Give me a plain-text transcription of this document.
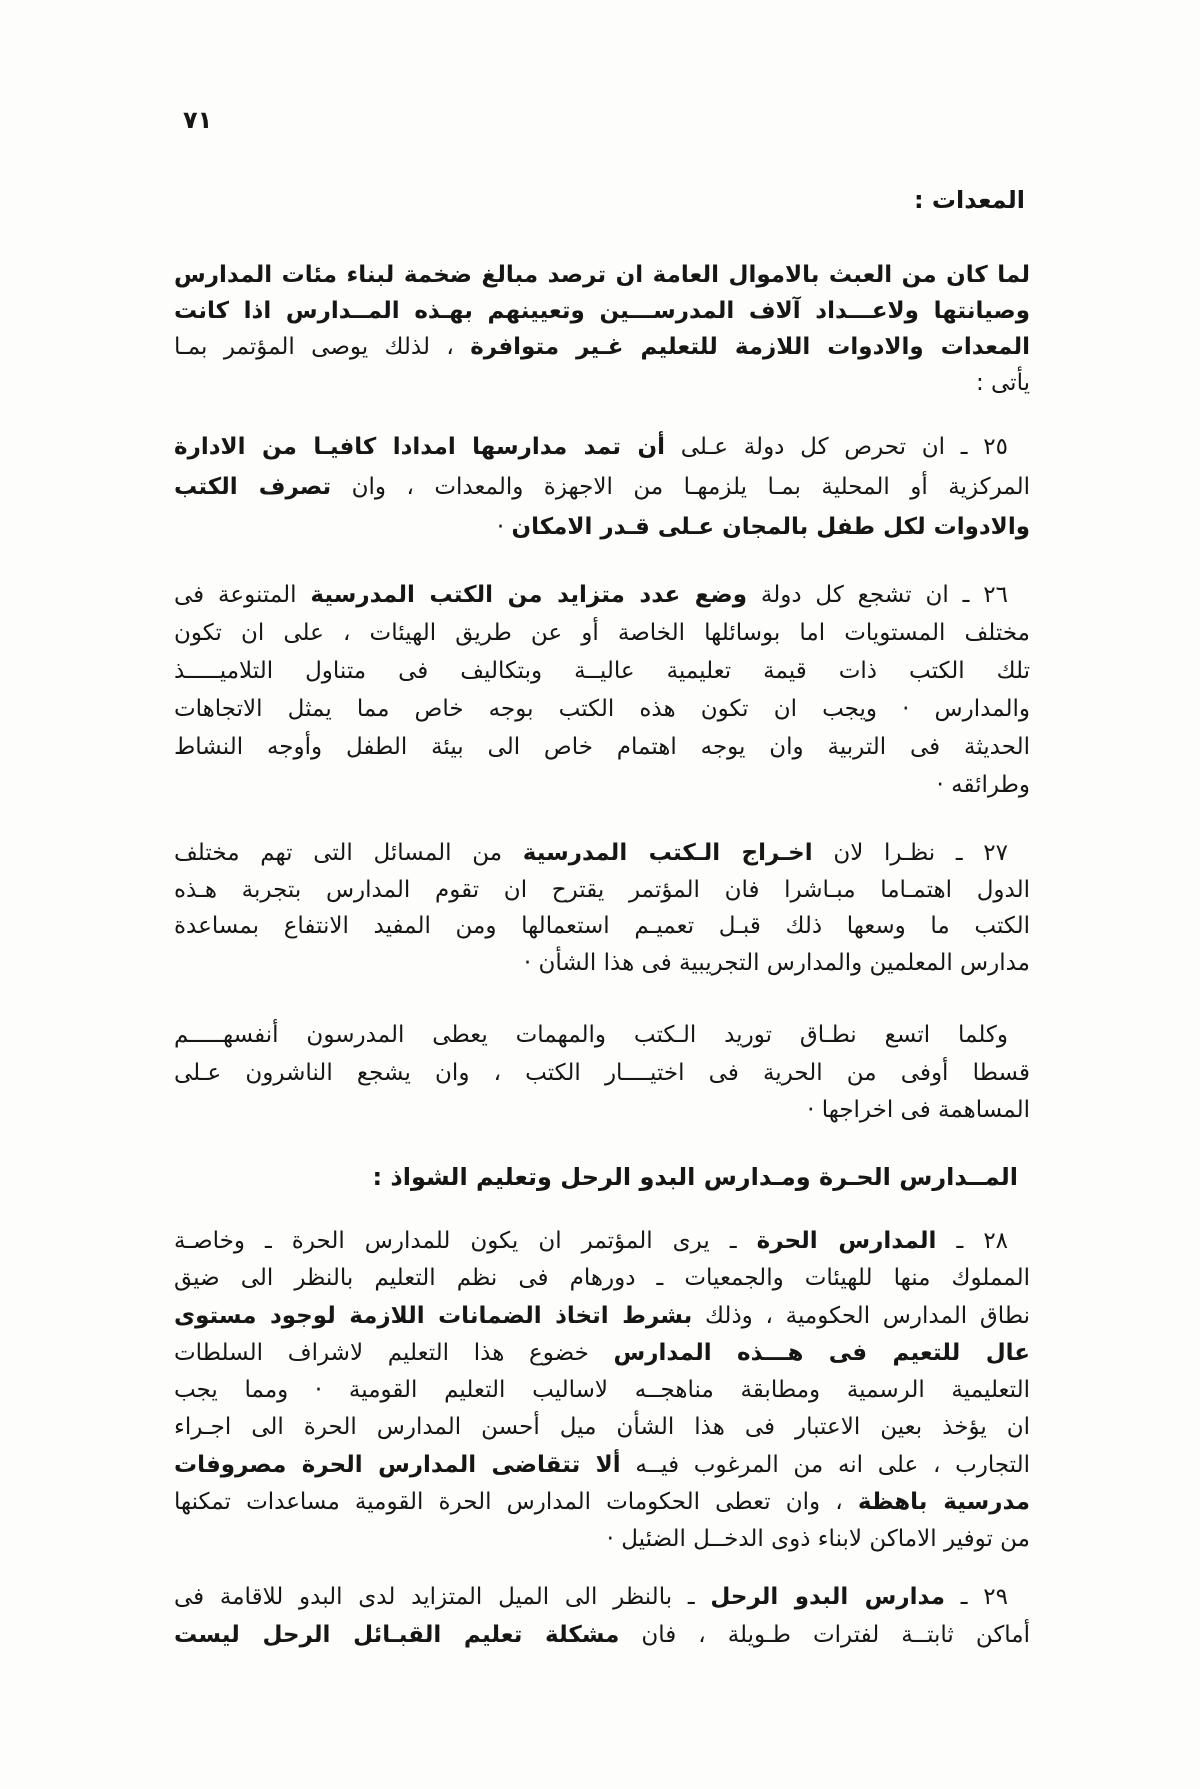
٧١
المعدات :
لما كان من العبث بالاموال العامة ان ترصد مبالغ ضخمة لبناء مئات المدارس
وصيانتها ولاعـــداد آلاف المدرســـين وتعيينهم بهـذه المــدارس اذا كانت
المعدات والادوات اللازمة للتعليم غـير متوافرة ، لذلك يوصى المؤتمر بمـا
يأتى :
٢٥ ـ ان تحرص كل دولة عـلى أن تمد مدارسها امدادا كافيـا من الادارة
المركزية أو المحلية بمـا يلزمهـا من الاجهزة والمعدات ، وان تصرف الكتب
والادوات لكل طفل بالمجان عـلى قـدر الامكان ·
٢٦ ـ ان تشجع كل دولة وضع عدد متزايد من الكتب المدرسية المتنوعة فى
مختلف المستويات اما بوسائلها الخاصة أو عن طريق الهيئات ، على ان تكون
تلك الكتب ذات قيمة تعليمية عاليــة وبتكاليف فى متناول التلاميـــــذ
والمدارس · ويجب ان تكون هذه الكتب بوجه خاص مما يمثل الاتجاهات
الحديثة فى التربية وان يوجه اهتمام خاص الى بيئة الطفل وأوجه النشاط
وطرائقه ·
٢٧ ـ نظـرا لان اخـراج الـكتب المدرسية من المسائل التى تهم مختلف
الدول اهتمـاما مبـاشرا فان المؤتمر يقترح ان تقوم المدارس بتجربة هـذه
الكتب ما وسعها ذلك قبـل تعميـم استعمالها ومن المفيد الانتفاع بمساعدة
مدارس المعلمين والمدارس التجريبية فى هذا الشأن ·
وكلما اتسع نطـاق توريد الـكتب والمهمات يعطى المدرسون أنفسهـــــم
قسطا أوفى من الحرية فى اختيــــار الكتب ، وان يشجع الناشرون عـلى
المساهمة فى اخراجها ·
المــدارس الحـرة ومـدارس البدو الرحل وتعليم الشواذ :
٢٨ ـ المدارس الحرة ـ يرى المؤتمر ان يكون للمدارس الحرة ـ وخاصـة
المملوك منها للهيئات والجمعيات ـ دورهام فى نظم التعليم بالنظر الى ضيق
نطاق المدارس الحكومية ، وذلك بشرط اتخاذ الضمانات اللازمة لوجود مستوى
عال للتعيم فى هـــذه المدارس خضوع هذا التعليم لاشراف السلطات
التعليمية الرسمية ومطابقة مناهجــه لاساليب التعليم القومية · ومما يجب
ان يؤخذ بعين الاعتبار فى هذا الشأن ميل أحسن المدارس الحرة الى اجـراء
التجارب ، على انه من المرغوب فيــه ألا تتقاضى المدارس الحرة مصروفات
مدرسية باهظة ، وان تعطى الحكومات المدارس الحرة القومية مساعدات تمكنها
من توفير الاماكن لابناء ذوى الدخــل الضئيل ·
٢٩ ـ مدارس البدو الرحل ـ بالنظر الى الميل المتزايد لدى البدو للاقامة فى
أماكن ثابتــة لفترات طـويلة ، فان مشكلة تعليم القبـائل الرحل ليست
